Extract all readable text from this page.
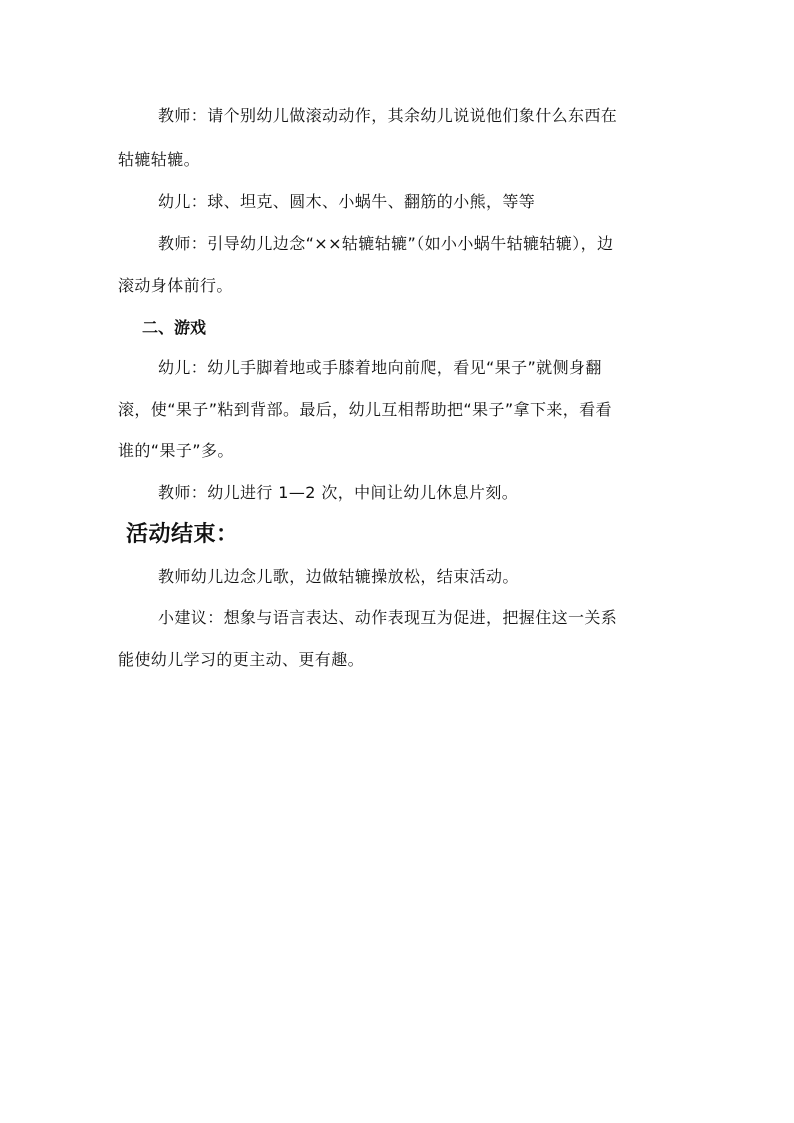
教师：请个别幼儿做滚动动作，其余幼儿说说他们象什么东西在
轱辘轱辘。
幼儿：球、坦克、圆木、小蜗牛、翻筋的小熊，等等
教师：引导幼儿边念“××轱辘轱辘”（如小小蜗牛轱辘轱辘），边
滚动身体前行。
二、游戏
幼儿：幼儿手脚着地或手膝着地向前爬，看见“果子”就侧身翻
滚，使“果子”粘到背部。最后，幼儿互相帮助把“果子”拿下来，看看
谁的“果子”多。
教师：幼儿进行 1—2 次，中间让幼儿休息片刻。
活动结束：
教师幼儿边念儿歌，边做轱辘操放松，结束活动。
小建议：想象与语言表达、动作表现互为促进，把握住这一关系
能使幼儿学习的更主动、更有趣。
